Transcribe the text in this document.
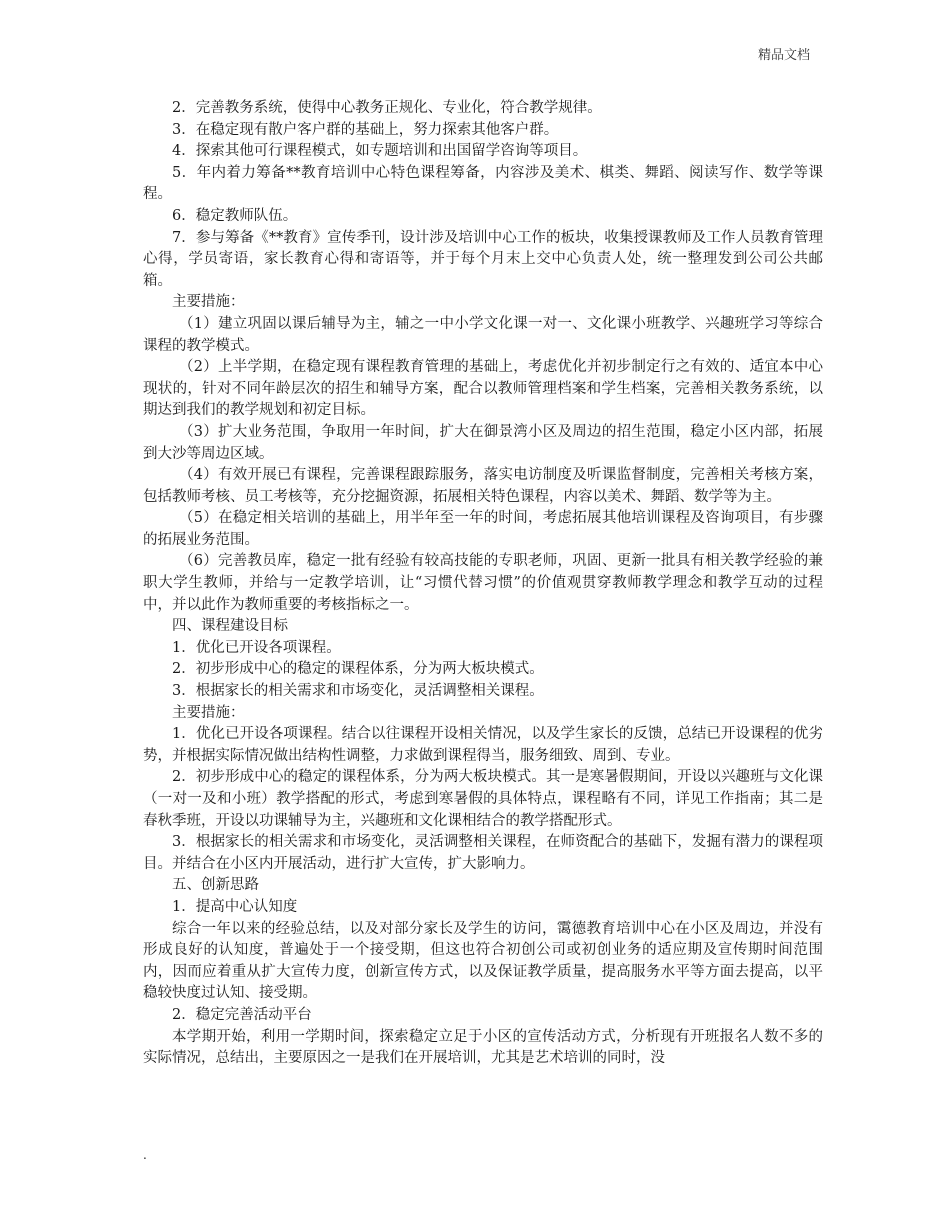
精品文档

2．完善教务系统，使得中心教务正规化、专业化，符合教学规律。

3．在稳定现有散户客户群的基础上，努力探索其他客户群。

4．探索其他可行课程模式，如专题培训和出国留学咨询等项目。

5．年内着力筹备**教育培训中心特色课程筹备，内容涉及美术、棋类、舞蹈、阅读写作、数学等课程。

6．稳定教师队伍。

7．参与筹备《**教育》宣传季刊，设计涉及培训中心工作的板块，收集授课教师及工作人员教育管理心得，学员寄语，家长教育心得和寄语等，并于每个月末上交中心负责人处，统一整理发到公司公共邮箱。

主要措施：

（1）建立巩固以课后辅导为主，辅之一中小学文化课一对一、文化课小班教学、兴趣班学习等综合课程的教学模式。

（2）上半学期，在稳定现有课程教育管理的基础上，考虑优化并初步制定行之有效的、适宜本中心现状的，针对不同年龄层次的招生和辅导方案，配合以教师管理档案和学生档案，完善相关教务系统，以期达到我们的教学规划和初定目标。

（3）扩大业务范围，争取用一年时间，扩大在御景湾小区及周边的招生范围，稳定小区内部，拓展到大沙等周边区域。

（4）有效开展已有课程，完善课程跟踪服务，落实电访制度及听课监督制度，完善相关考核方案，包括教师考核、员工考核等，充分挖掘资源，拓展相关特色课程，内容以美术、舞蹈、数学等为主。

（5）在稳定相关培训的基础上，用半年至一年的时间，考虑拓展其他培训课程及咨询项目，有步骤的拓展业务范围。

（6）完善教员库，稳定一批有经验有较高技能的专职老师，巩固、更新一批具有相关教学经验的兼职大学生教师，并给与一定教学培训，让“习惯代替习惯”的价值观贯穿教师教学理念和教学互动的过程中，并以此作为教师重要的考核指标之一。

四、课程建设目标

1．优化已开设各项课程。

2．初步形成中心的稳定的课程体系，分为两大板块模式。

3．根据家长的相关需求和市场变化，灵活调整相关课程。

主要措施：

1．优化已开设各项课程。结合以往课程开设相关情况，以及学生家长的反馈，总结已开设课程的优劣势，并根据实际情况做出结构性调整，力求做到课程得当，服务细致、周到、专业。

2．初步形成中心的稳定的课程体系，分为两大板块模式。其一是寒暑假期间，开设以兴趣班与文化课（一对一及和小班）教学搭配的形式，考虑到寒暑假的具体特点，课程略有不同，详见工作指南；其二是春秋季班，开设以功课辅导为主，兴趣班和文化课相结合的教学搭配形式。

3．根据家长的相关需求和市场变化，灵活调整相关课程，在师资配合的基础下，发掘有潜力的课程项目。并结合在小区内开展活动，进行扩大宣传，扩大影响力。

五、创新思路

1．提高中心认知度

综合一年以来的经验总结，以及对部分家长及学生的访问，霭德教育培训中心在小区及周边，并没有形成良好的认知度，普遍处于一个接受期，但这也符合初创公司或初创业务的适应期及宣传期时间范围内，因而应着重从扩大宣传力度，创新宣传方式，以及保证教学质量，提高服务水平等方面去提高，以平稳较快度过认知、接受期。

2．稳定完善活动平台

本学期开始，利用一学期时间，探索稳定立足于小区的宣传活动方式，分析现有开班报名人数不多的实际情况，总结出，主要原因之一是我们在开展培训，尤其是艺术培训的同时，没

.
